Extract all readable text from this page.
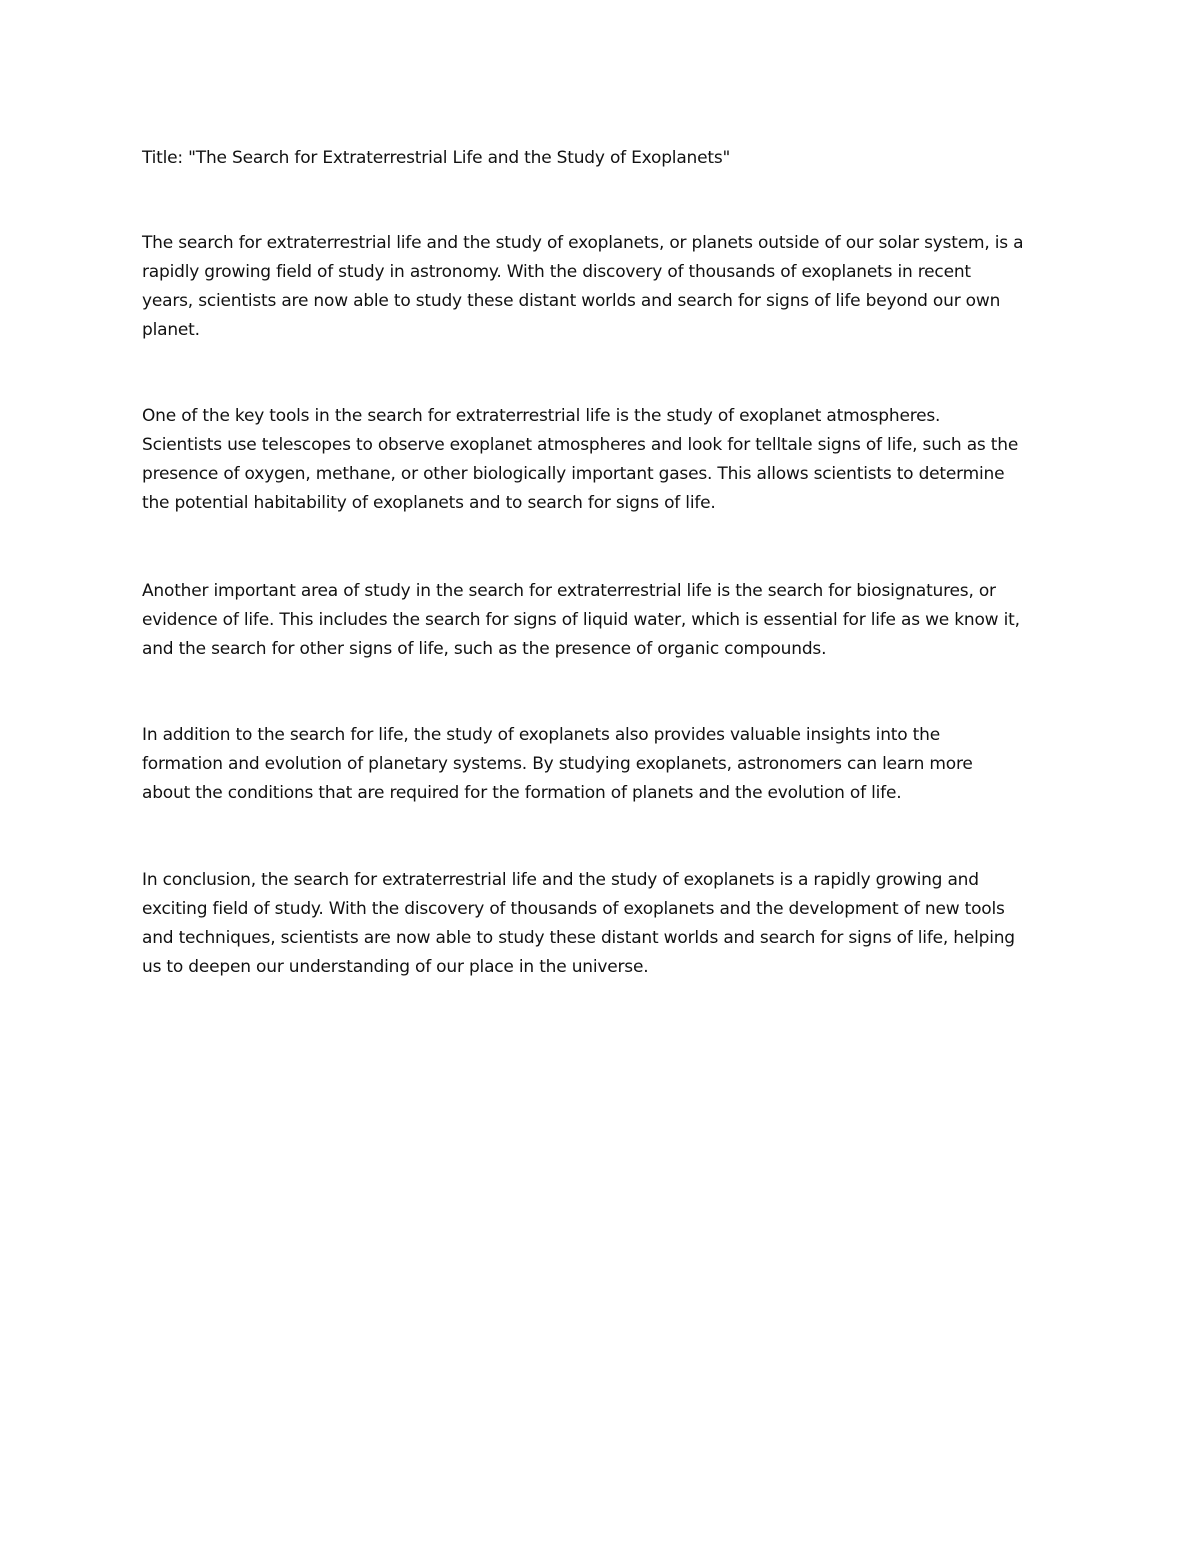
Title: "The Search for Extraterrestrial Life and the Study of Exoplanets"
The search for extraterrestrial life and the study of exoplanets, or planets outside of our solar system, is a
rapidly growing field of study in astronomy. With the discovery of thousands of exoplanets in recent
years, scientists are now able to study these distant worlds and search for signs of life beyond our own
planet.
One of the key tools in the search for extraterrestrial life is the study of exoplanet atmospheres.
Scientists use telescopes to observe exoplanet atmospheres and look for telltale signs of life, such as the
presence of oxygen, methane, or other biologically important gases. This allows scientists to determine
the potential habitability of exoplanets and to search for signs of life.
Another important area of study in the search for extraterrestrial life is the search for biosignatures, or
evidence of life. This includes the search for signs of liquid water, which is essential for life as we know it,
and the search for other signs of life, such as the presence of organic compounds.
In addition to the search for life, the study of exoplanets also provides valuable insights into the
formation and evolution of planetary systems. By studying exoplanets, astronomers can learn more
about the conditions that are required for the formation of planets and the evolution of life.
In conclusion, the search for extraterrestrial life and the study of exoplanets is a rapidly growing and
exciting field of study. With the discovery of thousands of exoplanets and the development of new tools
and techniques, scientists are now able to study these distant worlds and search for signs of life, helping
us to deepen our understanding of our place in the universe.
